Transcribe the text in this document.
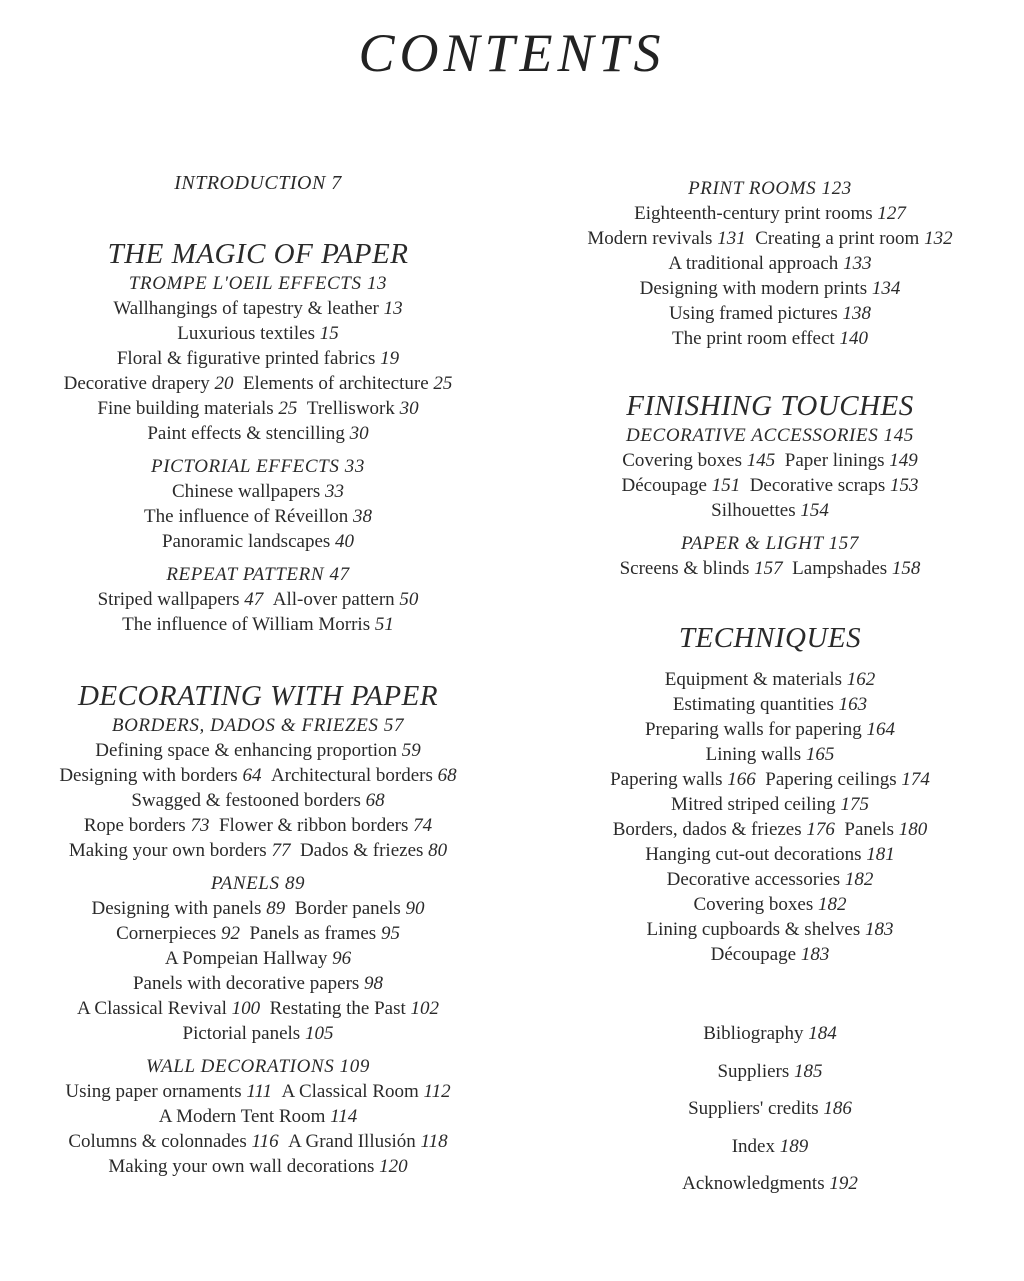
CONTENTS
INTRODUCTION 7
THE MAGIC OF PAPER
TROMPE L'OEIL EFFECTS 13
Wallhangings of tapestry & leather 13
Luxurious textiles 15
Floral & figurative printed fabrics 19
Decorative drapery 20  Elements of architecture 25
Fine building materials 25  Trelliswork 30
Paint effects & stencilling 30
PICTORIAL EFFECTS 33
Chinese wallpapers 33
The influence of Réveillon 38
Panoramic landscapes 40
REPEAT PATTERN 47
Striped wallpapers 47  All-over pattern 50
The influence of William Morris 51
DECORATING WITH PAPER
BORDERS, DADOS & FRIEZES 57
Defining space & enhancing proportion 59
Designing with borders 64  Architectural borders 68
Swagged & festooned borders 68
Rope borders 73  Flower & ribbon borders 74
Making your own borders 77  Dados & friezes 80
PANELS 89
Designing with panels 89  Border panels 90
Cornerpieces 92  Panels as frames 95
A Pompeian Hallway 96
Panels with decorative papers 98
A Classical Revival 100  Restating the Past 102
Pictorial panels 105
WALL DECORATIONS 109
Using paper ornaments 111  A Classical Room 112
A Modern Tent Room 114
Columns & colonnades 116  A Grand Illusión 118
Making your own wall decorations 120
PRINT ROOMS 123
Eighteenth-century print rooms 127
Modern revivals 131  Creating a print room 132
A traditional approach 133
Designing with modern prints 134
Using framed pictures 138
The print room effect 140
FINISHING TOUCHES
DECORATIVE ACCESSORIES 145
Covering boxes 145  Paper linings 149
Découpage 151  Decorative scraps 153
Silhouettes 154
PAPER & LIGHT 157
Screens & blinds 157  Lampshades 158
TECHNIQUES
Equipment & materials 162
Estimating quantities 163
Preparing walls for papering 164
Lining walls 165
Papering walls 166  Papering ceilings 174
Mitred striped ceiling 175
Borders, dados & friezes 176  Panels 180
Hanging cut-out decorations 181
Decorative accessories 182
Covering boxes 182
Lining cupboards & shelves 183
Découpage 183
Bibliography 184
Suppliers 185
Suppliers' credits 186
Index 189
Acknowledgments 192
